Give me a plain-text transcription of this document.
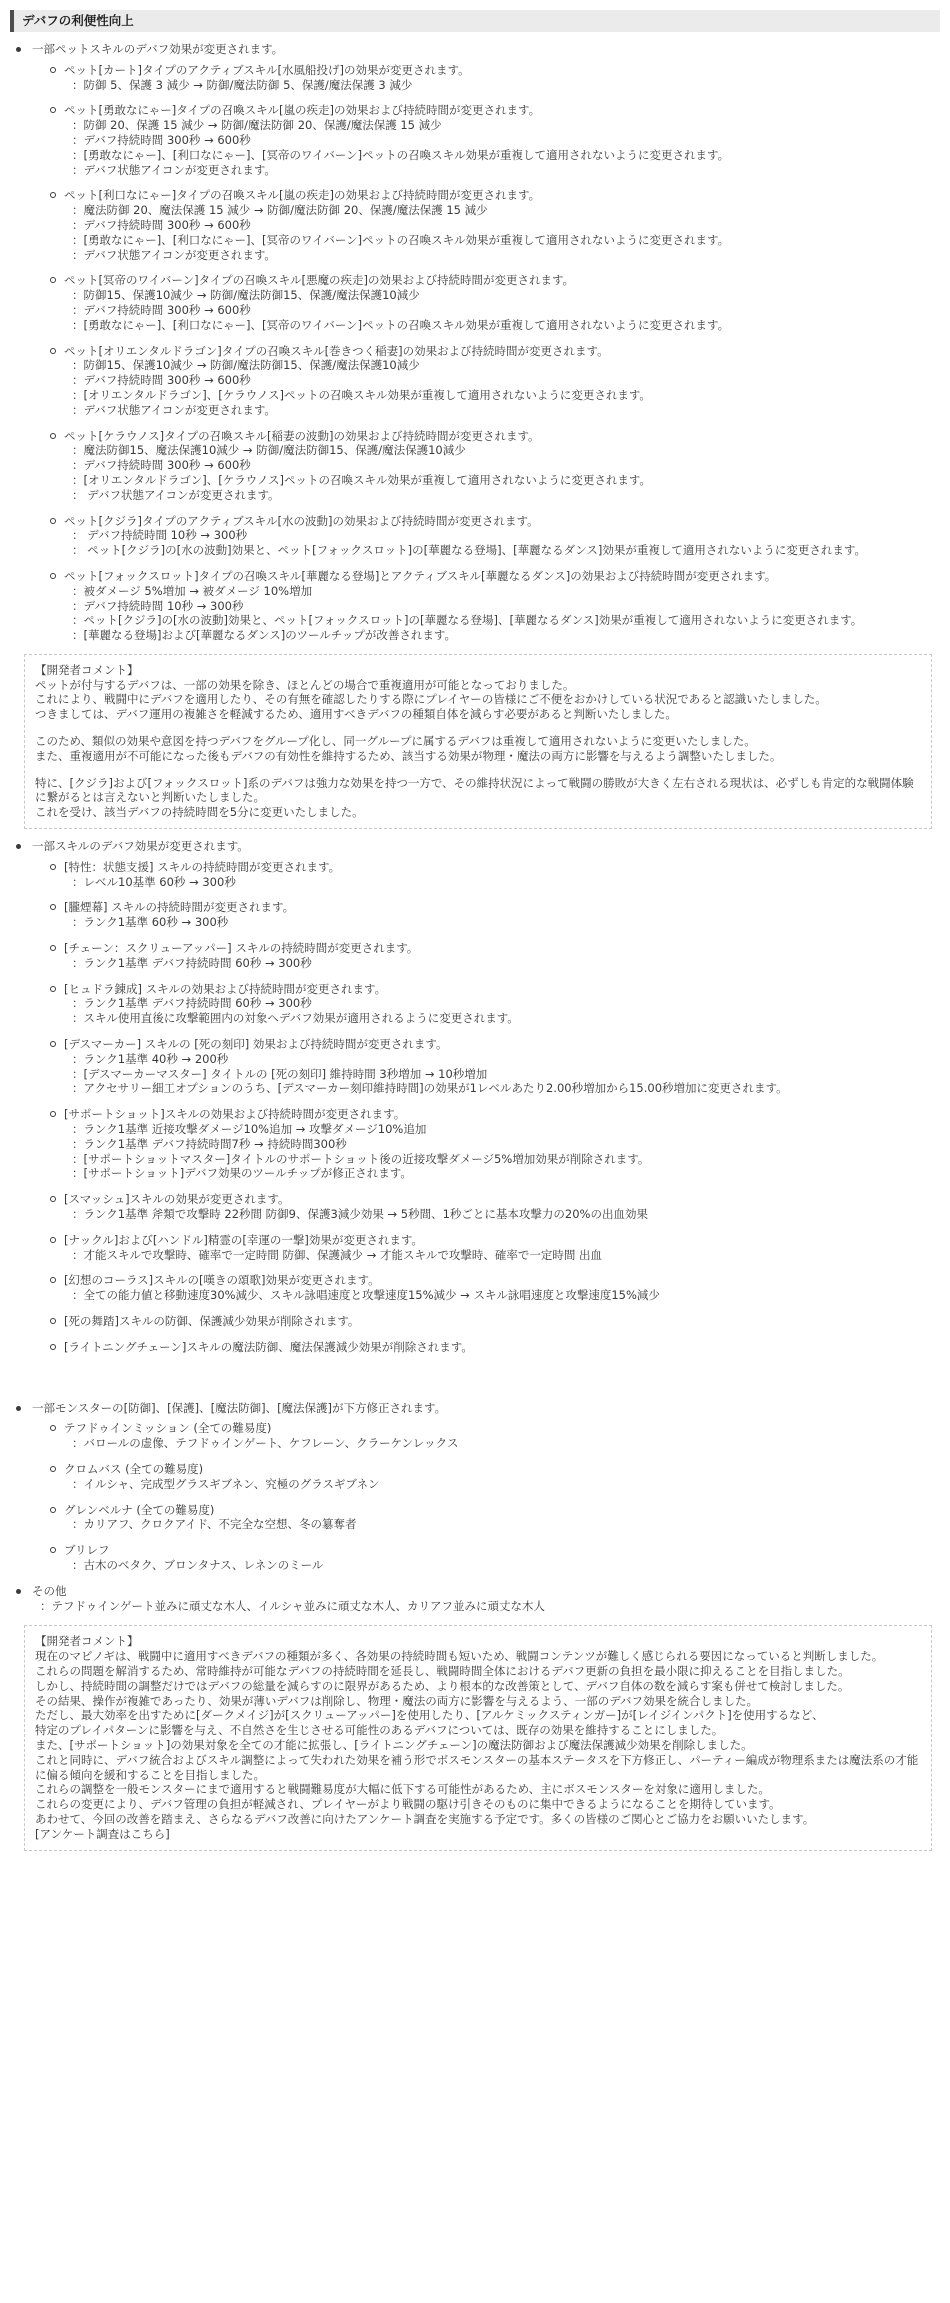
デバフの利便性向上
一部ペットスキルのデバフ効果が変更されます。
ペット[カート]タイプのアクティブスキル[水風船投げ]の効果が変更されます。
：防御 5、保護 3 減少 → 防御/魔法防御 5、保護/魔法保護 3 減少
ペット[勇敢なにゃー]タイプの召喚スキル[嵐の疾走]の効果および持続時間が変更されます。
：防御 20、保護 15 減少 → 防御/魔法防御 20、保護/魔法保護 15 減少
：デバフ持続時間 300秒 → 600秒
：[勇敢なにゃー]、[利口なにゃー]、[冥帝のワイバーン]ペットの召喚スキル効果が重複して適用されないように変更されます。
：デバフ状態アイコンが変更されます。
ペット[利口なにゃー]タイプの召喚スキル[嵐の疾走]の効果および持続時間が変更されます。
：魔法防御 20、魔法保護 15 減少 → 防御/魔法防御 20、保護/魔法保護 15 減少
：デバフ持続時間 300秒 → 600秒
：[勇敢なにゃー]、[利口なにゃー]、[冥帝のワイバーン]ペットの召喚スキル効果が重複して適用されないように変更されます。
：デバフ状態アイコンが変更されます。
ペット[冥帝のワイバーン]タイプの召喚スキル[悪魔の疾走]の効果および持続時間が変更されます。
：防御15、保護10減少 → 防御/魔法防御15、保護/魔法保護10減少
：デバフ持続時間 300秒 → 600秒
：[勇敢なにゃー]、[利口なにゃー]、[冥帝のワイバーン]ペットの召喚スキル効果が重複して適用されないように変更されます。
ペット[オリエンタルドラゴン]タイプの召喚スキル[巻きつく稲妻]の効果および持続時間が変更されます。
：防御15、保護10減少 → 防御/魔法防御15、保護/魔法保護10減少
：デバフ持続時間 300秒 → 600秒
：[オリエンタルドラゴン]、[ケラウノス]ペットの召喚スキル効果が重複して適用されないように変更されます。
：デバフ状態アイコンが変更されます。
ペット[ケラウノス]タイプの召喚スキル[稲妻の波動]の効果および持続時間が変更されます。
：魔法防御15、魔法保護10減少 → 防御/魔法防御15、保護/魔法保護10減少
：デバフ持続時間 300秒 → 600秒
：[オリエンタルドラゴン]、[ケラウノス]ペットの召喚スキル効果が重複して適用されないように変更されます。
： デバフ状態アイコンが変更されます。
ペット[クジラ]タイプのアクティブスキル[水の波動]の効果および持続時間が変更されます。
： デバフ持続時間 10秒 → 300秒
： ペット[クジラ]の[水の波動]効果と、ペット[フォックスロット]の[華麗なる登場]、[華麗なるダンス]効果が重複して適用されないように変更されます。
ペット[フォックスロット]タイプの召喚スキル[華麗なる登場]とアクティブスキル[華麗なるダンス]の効果および持続時間が変更されます。
：被ダメージ 5%増加 → 被ダメージ 10%増加
：デバフ持続時間 10秒 → 300秒
：ペット[クジラ]の[水の波動]効果と、ペット[フォックスロット]の[華麗なる登場]、[華麗なるダンス]効果が重複して適用されないように変更されます。
：[華麗なる登場]および[華麗なるダンス]のツールチップが改善されます。
【開発者コメント】
ペットが付与するデバフは、一部の効果を除き、ほとんどの場合で重複適用が可能となっておりました。
これにより、戦闘中にデバフを適用したり、その有無を確認したりする際にプレイヤーの皆様にご不便をおかけしている状況であると認識いたしました。
つきましては、デバフ運用の複雑さを軽減するため、適用すべきデバフの種類自体を減らす必要があると判断いたしました。
このため、類似の効果や意図を持つデバフをグループ化し、同一グループに属するデバフは重複して適用されないように変更いたしました。
また、重複適用が不可能になった後もデバフの有効性を維持するため、該当する効果が物理・魔法の両方に影響を与えるよう調整いたしました。
特に、[クジラ]および[フォックスロット]系のデバフは強力な効果を持つ一方で、その維持状況によって戦闘の勝敗が大きく左右される現状は、必ずしも肯定的な戦闘体験に繋がるとは言えないと判断いたしました。
これを受け、該当デバフの持続時間を5分に変更いたしました。
一部スキルのデバフ効果が変更されます。
[特性：状態支援] スキルの持続時間が変更されます。
：レベル10基準 60秒 → 300秒
[朧煙幕] スキルの持続時間が変更されます。
：ランク1基準 60秒 → 300秒
[チェーン：スクリューアッパー] スキルの持続時間が変更されます。
：ランク1基準 デバフ持続時間 60秒 → 300秒
[ヒュドラ錬成] スキルの効果および持続時間が変更されます。
：ランク1基準 デバフ持続時間 60秒 → 300秒
：スキル使用直後に攻撃範囲内の対象へデバフ効果が適用されるように変更されます。
[デスマーカー] スキルの [死の刻印] 効果および持続時間が変更されます。
：ランク1基準 40秒 → 200秒
：[デスマーカーマスター] タイトルの [死の刻印] 維持時間 3秒増加 → 10秒増加
：アクセサリー細工オプションのうち、[デスマーカー刻印維持時間]の効果が1レベルあたり2.00秒増加から15.00秒増加に変更されます。
[サポートショット]スキルの効果および持続時間が変更されます。
：ランク1基準 近接攻撃ダメージ10%追加 → 攻撃ダメージ10%追加
：ランク1基準 デバフ持続時間7秒 → 持続時間300秒
：[サポートショットマスター]タイトルのサポートショット後の近接攻撃ダメージ5%増加効果が削除されます。
：[サポートショット]デバフ効果のツールチップが修正されます。
[スマッシュ]スキルの効果が変更されます。
：ランク1基準 斧類で攻撃時 22秒間 防御9、保護3減少効果 → 5秒間、1秒ごとに基本攻撃力の20%の出血効果
[ナックル]および[ハンドル]精霊の[幸運の一撃]効果が変更されます。
：才能スキルで攻撃時、確率で一定時間 防御、保護減少 → 才能スキルで攻撃時、確率で一定時間 出血
[幻想のコーラス]スキルの[嘆きの頌歌]効果が変更されます。
：全ての能力値と移動速度30%減少、スキル詠唱速度と攻撃速度15%減少 → スキル詠唱速度と攻撃速度15%減少
[死の舞踏]スキルの防御、保護減少効果が削除されます。
[ライトニングチェーン]スキルの魔法防御、魔法保護減少効果が削除されます。
一部モンスターの[防御]、[保護]、[魔法防御]、[魔法保護]が下方修正されます。
テフドゥインミッション (全ての難易度)
：バロールの虚像、テフドゥインゲート、ケフレーン、クラーケンレックス
クロムバス (全ての難易度)
：イルシャ、完成型グラスギブネン、究極のグラスギブネン
グレンベルナ (全ての難易度)
：カリアフ、クロクアイド、不完全な空想、冬の簒奪者
ブリレフ
：古木のベタク、ブロンタナス、レネンのミール
その他
：テフドゥインゲート並みに頑丈な木人、イルシャ並みに頑丈な木人、カリアフ並みに頑丈な木人
【開発者コメント】
現在のマビノギは、戦闘中に適用すべきデバフの種類が多く、各効果の持続時間も短いため、戦闘コンテンツが難しく感じられる要因になっていると判断しました。
これらの問題を解消するため、常時維持が可能なデバフの持続時間を延長し、戦闘時間全体におけるデバフ更新の負担を最小限に抑えることを目指しました。
しかし、持続時間の調整だけではデバフの総量を減らすのに限界があるため、より根本的な改善策として、デバフ自体の数を減らす案も併せて検討しました。
その結果、操作が複雑であったり、効果が薄いデバフは削除し、物理・魔法の両方に影響を与えるよう、一部のデバフ効果を統合しました。
ただし、最大効率を出すために[ダークメイジ]が[スクリューアッパー]を使用したり、[アルケミックスティンガー]が[レイジインパクト]を使用するなど、
特定のプレイパターンに影響を与え、不自然さを生じさせる可能性のあるデバフについては、既存の効果を維持することにしました。
また、[サポートショット]の効果対象を全ての才能に拡張し、[ライトニングチェーン]の魔法防御および魔法保護減少効果を削除しました。
これと同時に、デバフ統合およびスキル調整によって失われた効果を補う形でボスモンスターの基本ステータスを下方修正し、パーティー編成が物理系または魔法系の才能に偏る傾向を緩和することを目指しました。
これらの調整を一般モンスターにまで適用すると戦闘難易度が大幅に低下する可能性があるため、主にボスモンスターを対象に適用しました。
これらの変更により、デバフ管理の負担が軽減され、プレイヤーがより戦闘の駆け引きそのものに集中できるようになることを期待しています。
あわせて、今回の改善を踏まえ、さらなるデバフ改善に向けたアンケート調査を実施する予定です。多くの皆様のご関心とご協力をお願いいたします。
[アンケート調査はこちら]
